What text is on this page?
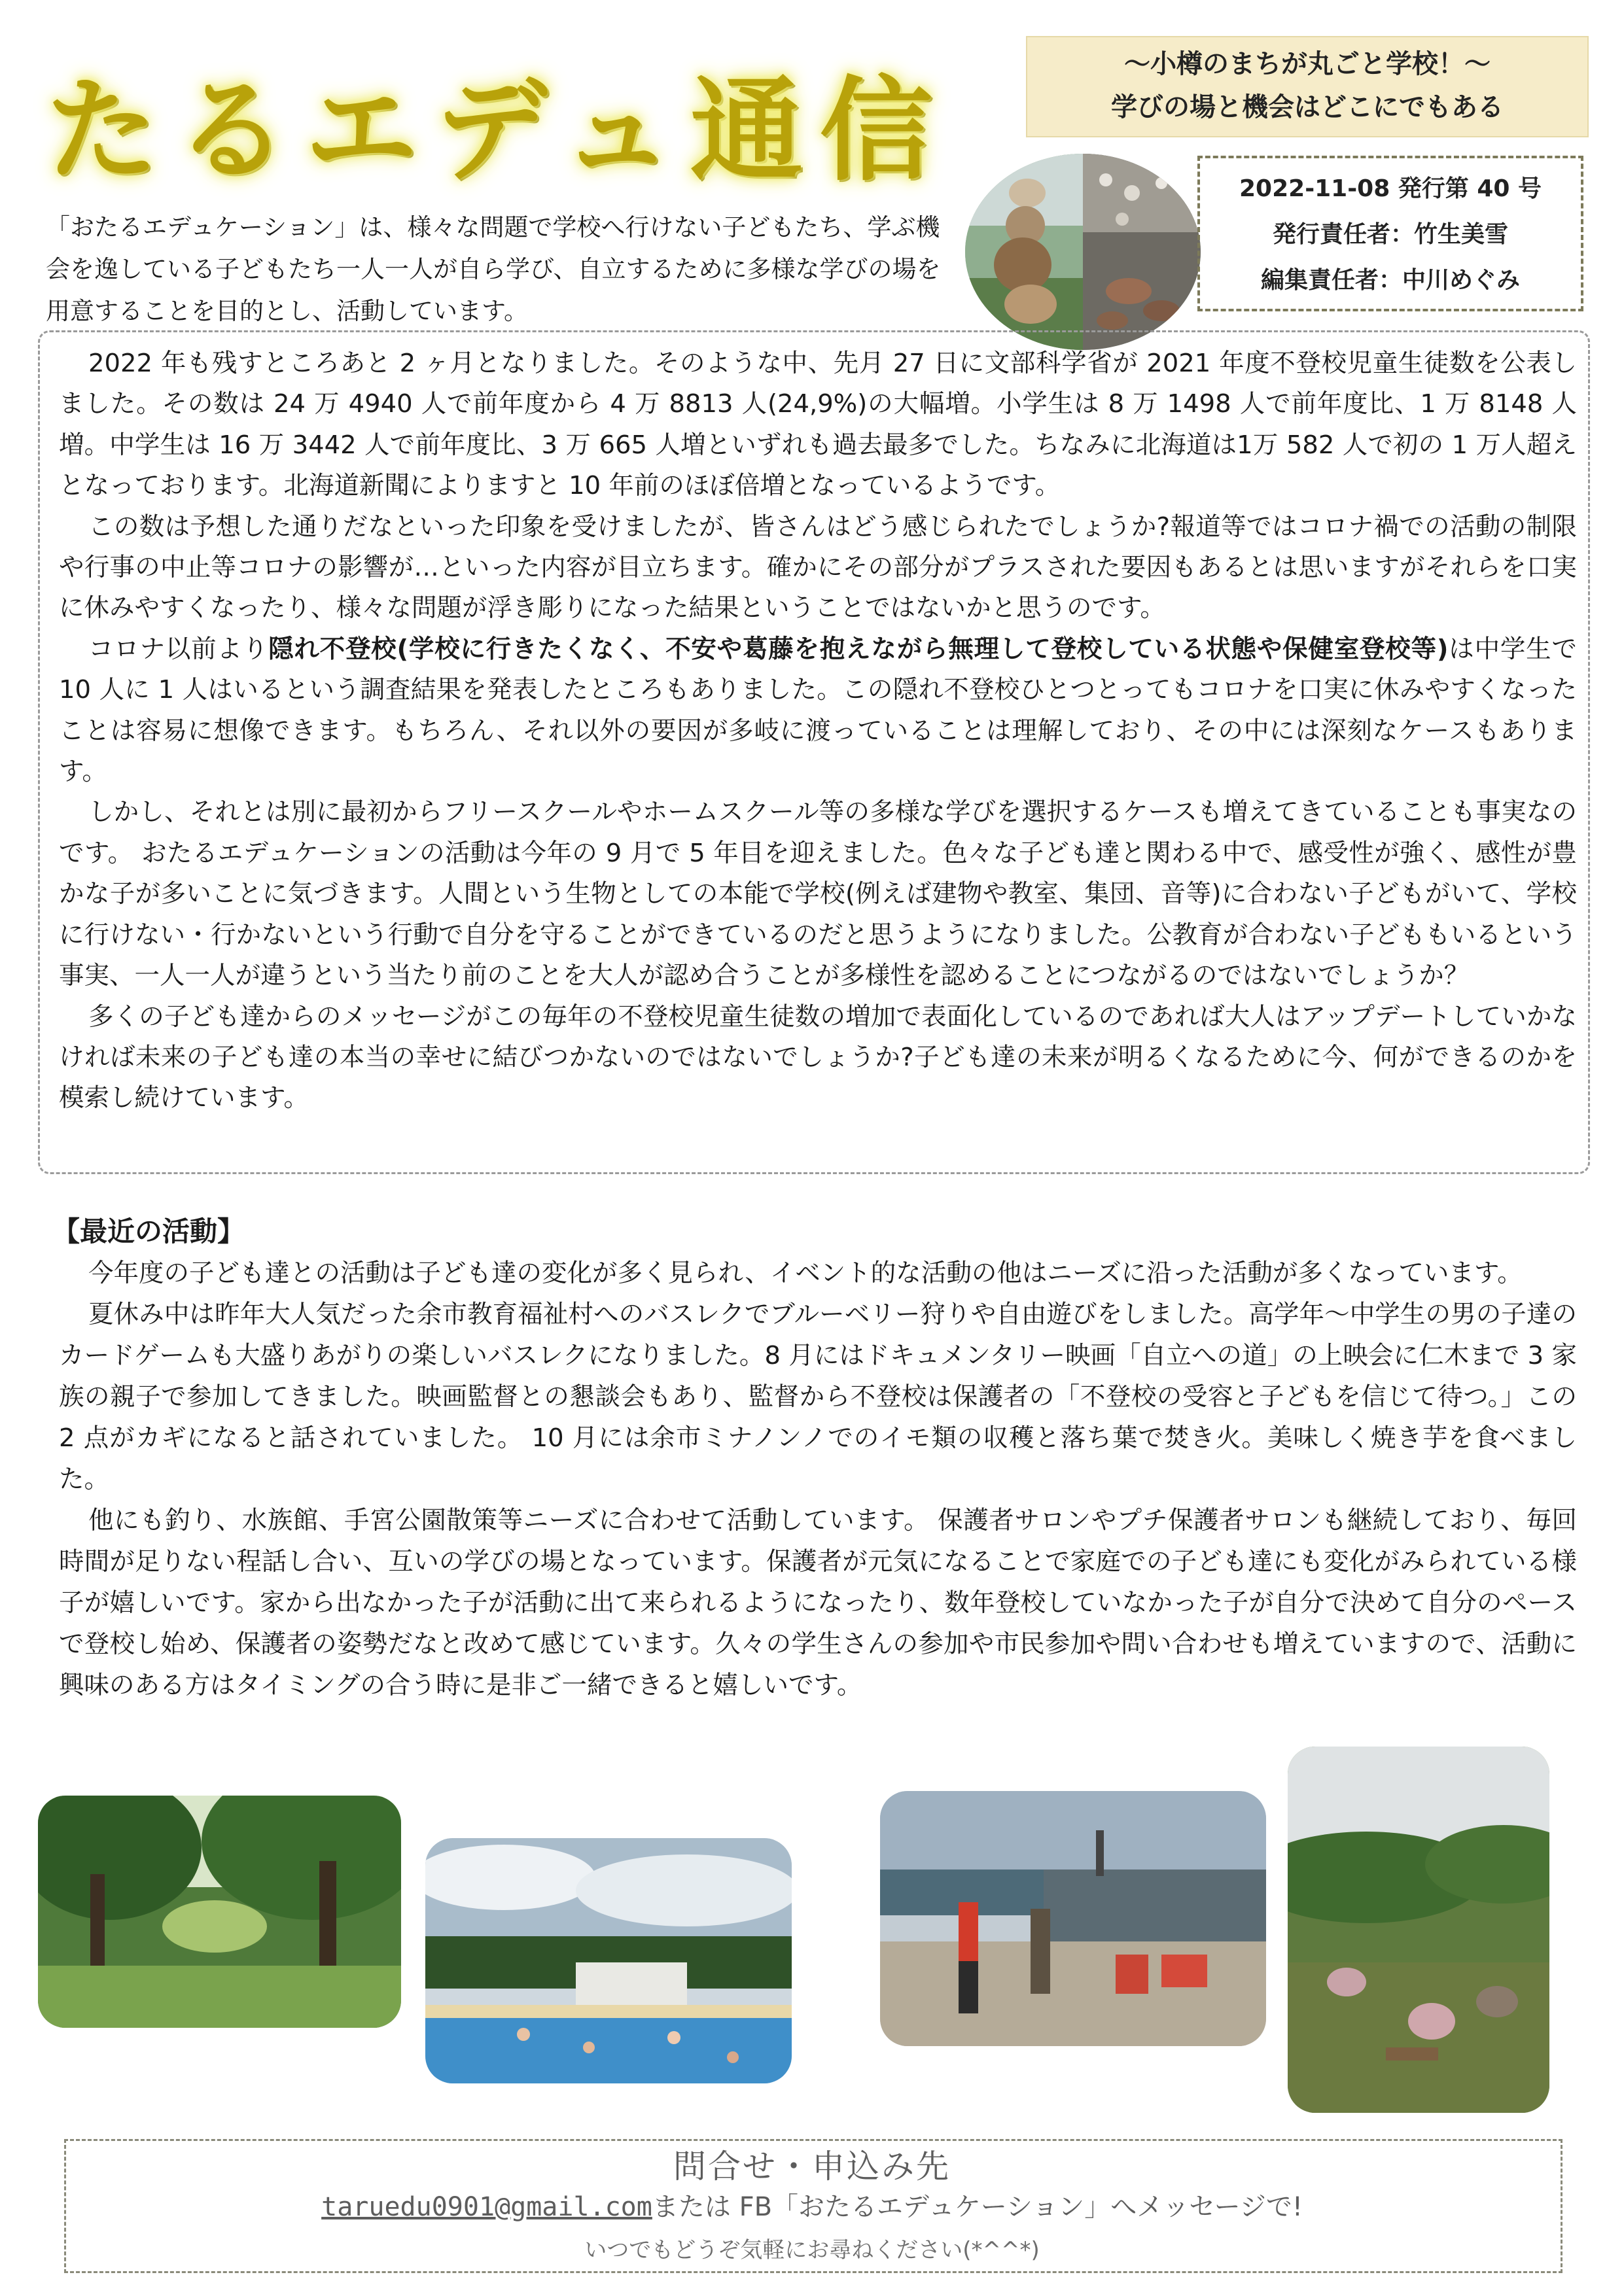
たるエデュ通信
～小樽のまちが丸ごと学校！～
学びの場と機会はどこにでもある
2022-11-08 発行第 40 号
発行責任者：竹生美雪
編集責任者：中川めぐみ
「おたるエデュケーション」は、様々な問題で学校へ行けない子どもたち、学ぶ機会を逸している子どもたち一人一人が自ら学び、自立するために多様な学びの場を用意することを目的とし、活動しています。

2022 年も残すところあと 2 ヶ月となりました。そのような中、先月 27 日に文部科学省が 2021 年度不登校児童生徒数を公表しました。その数は 24 万 4940 人で前年度から 4 万 8813 人(24,9%)の大幅増。小学生は 8 万 1498 人で前年度比、1 万 8148 人増。中学生は 16 万 3442 人で前年度比、3 万 665 人増といずれも過去最多でした。ちなみに北海道は1万 582 人で初の 1 万人超えとなっております。北海道新聞によりますと 10 年前のほぼ倍増となっているようです。

この数は予想した通りだなといった印象を受けましたが、皆さんはどう感じられたでしょうか?報道等ではコロナ禍での活動の制限や行事の中止等コロナの影響が…といった内容が目立ちます。確かにその部分がプラスされた要因もあるとは思いますがそれらを口実に休みやすくなったり、様々な問題が浮き彫りになった結果ということではないかと思うのです。

コロナ以前より隠れ不登校(学校に行きたくなく、不安や葛藤を抱えながら無理して登校している状態や保健室登校等)は中学生で 10 人に 1 人はいるという調査結果を発表したところもありました。この隠れ不登校ひとつとってもコロナを口実に休みやすくなったことは容易に想像できます。もちろん、それ以外の要因が多岐に渡っていることは理解しており、その中には深刻なケースもあります。

しかし、それとは別に最初からフリースクールやホームスクール等の多様な学びを選択するケースも増えてきていることも事実なのです。 おたるエデュケーションの活動は今年の 9 月で 5 年目を迎えました。色々な子ども達と関わる中で、感受性が強く、感性が豊かな子が多いことに気づきます。人間という生物としての本能で学校(例えば建物や教室、集団、音等)に合わない子どもがいて、学校に行けない・行かないという行動で自分を守ることができているのだと思うようになりました。公教育が合わない子どももいるという事実、一人一人が違うという当たり前のことを大人が認め合うことが多様性を認めることにつながるのではないでしょうか？

多くの子ども達からのメッセージがこの毎年の不登校児童生徒数の増加で表面化しているのであれば大人はアップデートしていかなければ未来の子ども達の本当の幸せに結びつかないのではないでしょうか?子ども達の未来が明るくなるために今、何ができるのかを模索し続けています。

【最近の活動】

今年度の子ども達との活動は子ども達の変化が多く見られ、イベント的な活動の他はニーズに沿った活動が多くなっています。

夏休み中は昨年大人気だった余市教育福祉村へのバスレクでブルーベリー狩りや自由遊びをしました。高学年～中学生の男の子達のカードゲームも大盛りあがりの楽しいバスレクになりました。8 月にはドキュメンタリー映画「自立への道」の上映会に仁木まで 3 家族の親子で参加してきました。映画監督との懇談会もあり、監督から不登校は保護者の「不登校の受容と子どもを信じて待つ。」この 2 点がカギになると話されていました。 10 月には余市ミナノンノでのイモ類の収穫と落ち葉で焚き火。美味しく焼き芋を食べました。

他にも釣り、水族館、手宮公園散策等ニーズに合わせて活動しています。 保護者サロンやプチ保護者サロンも継続しており、毎回時間が足りない程話し合い、互いの学びの場となっています。保護者が元気になることで家庭での子ども達にも変化がみられている様子が嬉しいです。家から出なかった子が活動に出て来られるようになったり、数年登校していなかった子が自分で決めて自分のペースで登校し始め、保護者の姿勢だなと改めて感じています。久々の学生さんの参加や市民参加や問い合わせも増えていますので、活動に興味のある方はタイミングの合う時に是非ご一緒できると嬉しいです。

問合せ・申込み先
taruedu0901@gmail.comまたは FB「おたるエデュケーション」へメッセージで!
いつでもどうぞ気軽にお尋ねください(*^^*)
